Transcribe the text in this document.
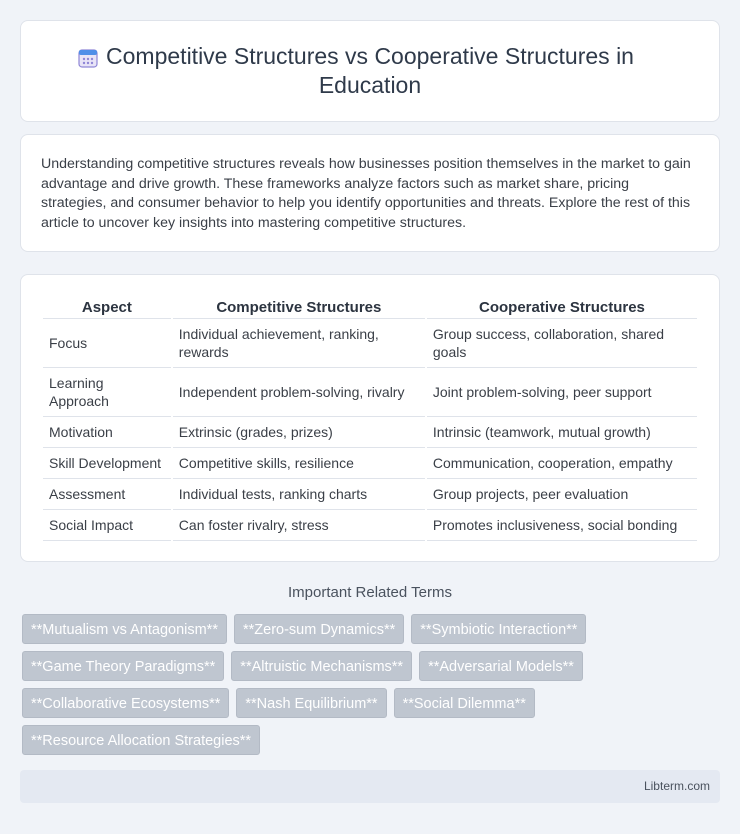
Competitive Structures vs Cooperative Structures in Education

Understanding competitive structures reveals how businesses position themselves in the market to gain advantage and drive growth. These frameworks analyze factors such as market share, pricing strategies, and consumer behavior to help you identify opportunities and threats. Explore the rest of this article to uncover key insights into mastering competitive structures.

Aspect	Competitive Structures	Cooperative Structures
Focus	Individual achievement, ranking, rewards	Group success, collaboration, shared goals
Learning Approach	Independent problem-solving, rivalry	Joint problem-solving, peer support
Motivation	Extrinsic (grades, prizes)	Intrinsic (teamwork, mutual growth)
Skill Development	Competitive skills, resilience	Communication, cooperation, empathy
Assessment	Individual tests, ranking charts	Group projects, peer evaluation
Social Impact	Can foster rivalry, stress	Promotes inclusiveness, social bonding
Important Related Terms
**Mutualism vs Antagonism**	**Zero-sum Dynamics**	**Symbiotic Interaction**
**Game Theory Paradigms**	**Altruistic Mechanisms**	**Adversarial Models**
**Collaborative Ecosystems**	**Nash Equilibrium**	**Social Dilemma**
**Resource Allocation Strategies**
Libterm.com
